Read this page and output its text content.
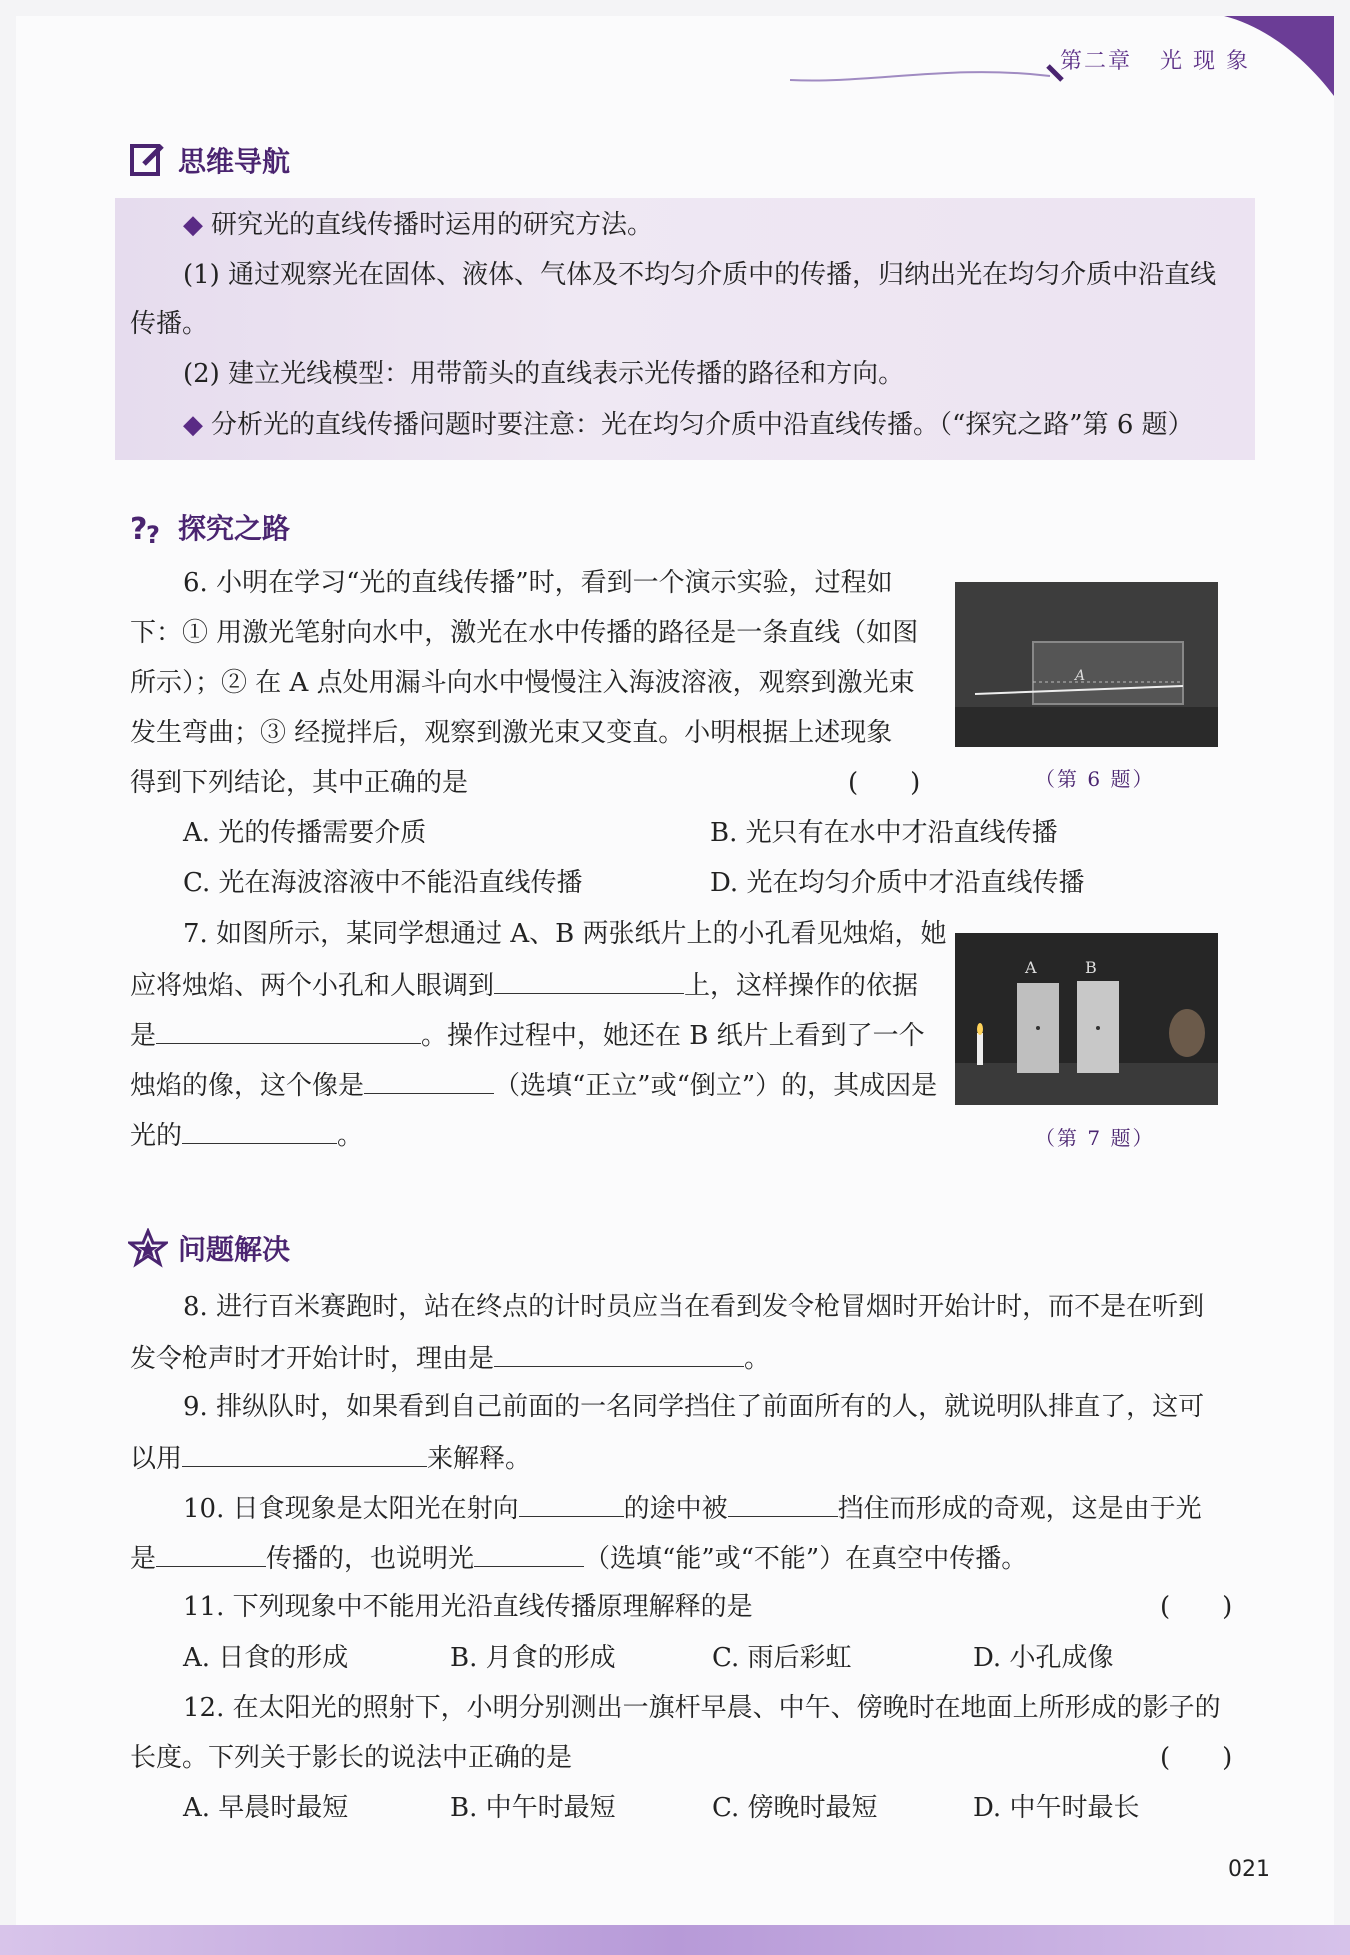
第二章 光 现 象
思维导航
◆ 研究光的直线传播时运用的研究方法。
(1) 通过观察光在固体、液体、气体及不均匀介质中的传播，归纳出光在均匀介质中沿直线
传播。
(2) 建立光线模型：用带箭头的直线表示光传播的路径和方向。
◆ 分析光的直线传播问题时要注意：光在均匀介质中沿直线传播。（“探究之路”第 6 题）
?
? 探究之路
6. 小明在学习“光的直线传播”时，看到一个演示实验，过程如
下：① 用激光笔射向水中，激光在水中传播的路径是一条直线（如图
所示）；② 在 A 点处用漏斗向水中慢慢注入海波溶液，观察到激光束
发生弯曲；③ 经搅拌后，观察到激光束又变直。小明根据上述现象
得到下列结论，其中正确的是	(　　)
A
（第 6 题）
A. 光的传播需要介质	B. 光只有在水中才沿直线传播
C. 光在海波溶液中不能沿直线传播	D. 光在均匀介质中才沿直线传播
7. 如图所示，某同学想通过 A、B 两张纸片上的小孔看见烛焰，她
应将烛焰、两个小孔和人眼调到	上，这样操作的依据
是	。操作过程中，她还在 B 纸片上看到了一个
烛焰的像，这个像是	（选填“正立”或“倒立”）的，其成因是
光的	。
A	B
（第 7 题）
问题解决
8. 进行百米赛跑时，站在终点的计时员应当在看到发令枪冒烟时开始计时，而不是在听到
发令枪声时才开始计时，理由是	。
9. 排纵队时，如果看到自己前面的一名同学挡住了前面所有的人，就说明队排直了，这可
以用	来解释。
10. 日食现象是太阳光在射向	的途中被	挡住而形成的奇观，这是由于光
是	传播的，也说明光	（选填“能”或“不能”）在真空中传播。
11. 下列现象中不能用光沿直线传播原理解释的是	(　　)
A. 日食的形成	B. 月食的形成	C. 雨后彩虹	D. 小孔成像
12. 在太阳光的照射下，小明分别测出一旗杆早晨、中午、傍晚时在地面上所形成的影子的
长度。下列关于影长的说法中正确的是	(　　)
A. 早晨时最短	B. 中午时最短	C. 傍晚时最短	D. 中午时最长
021
